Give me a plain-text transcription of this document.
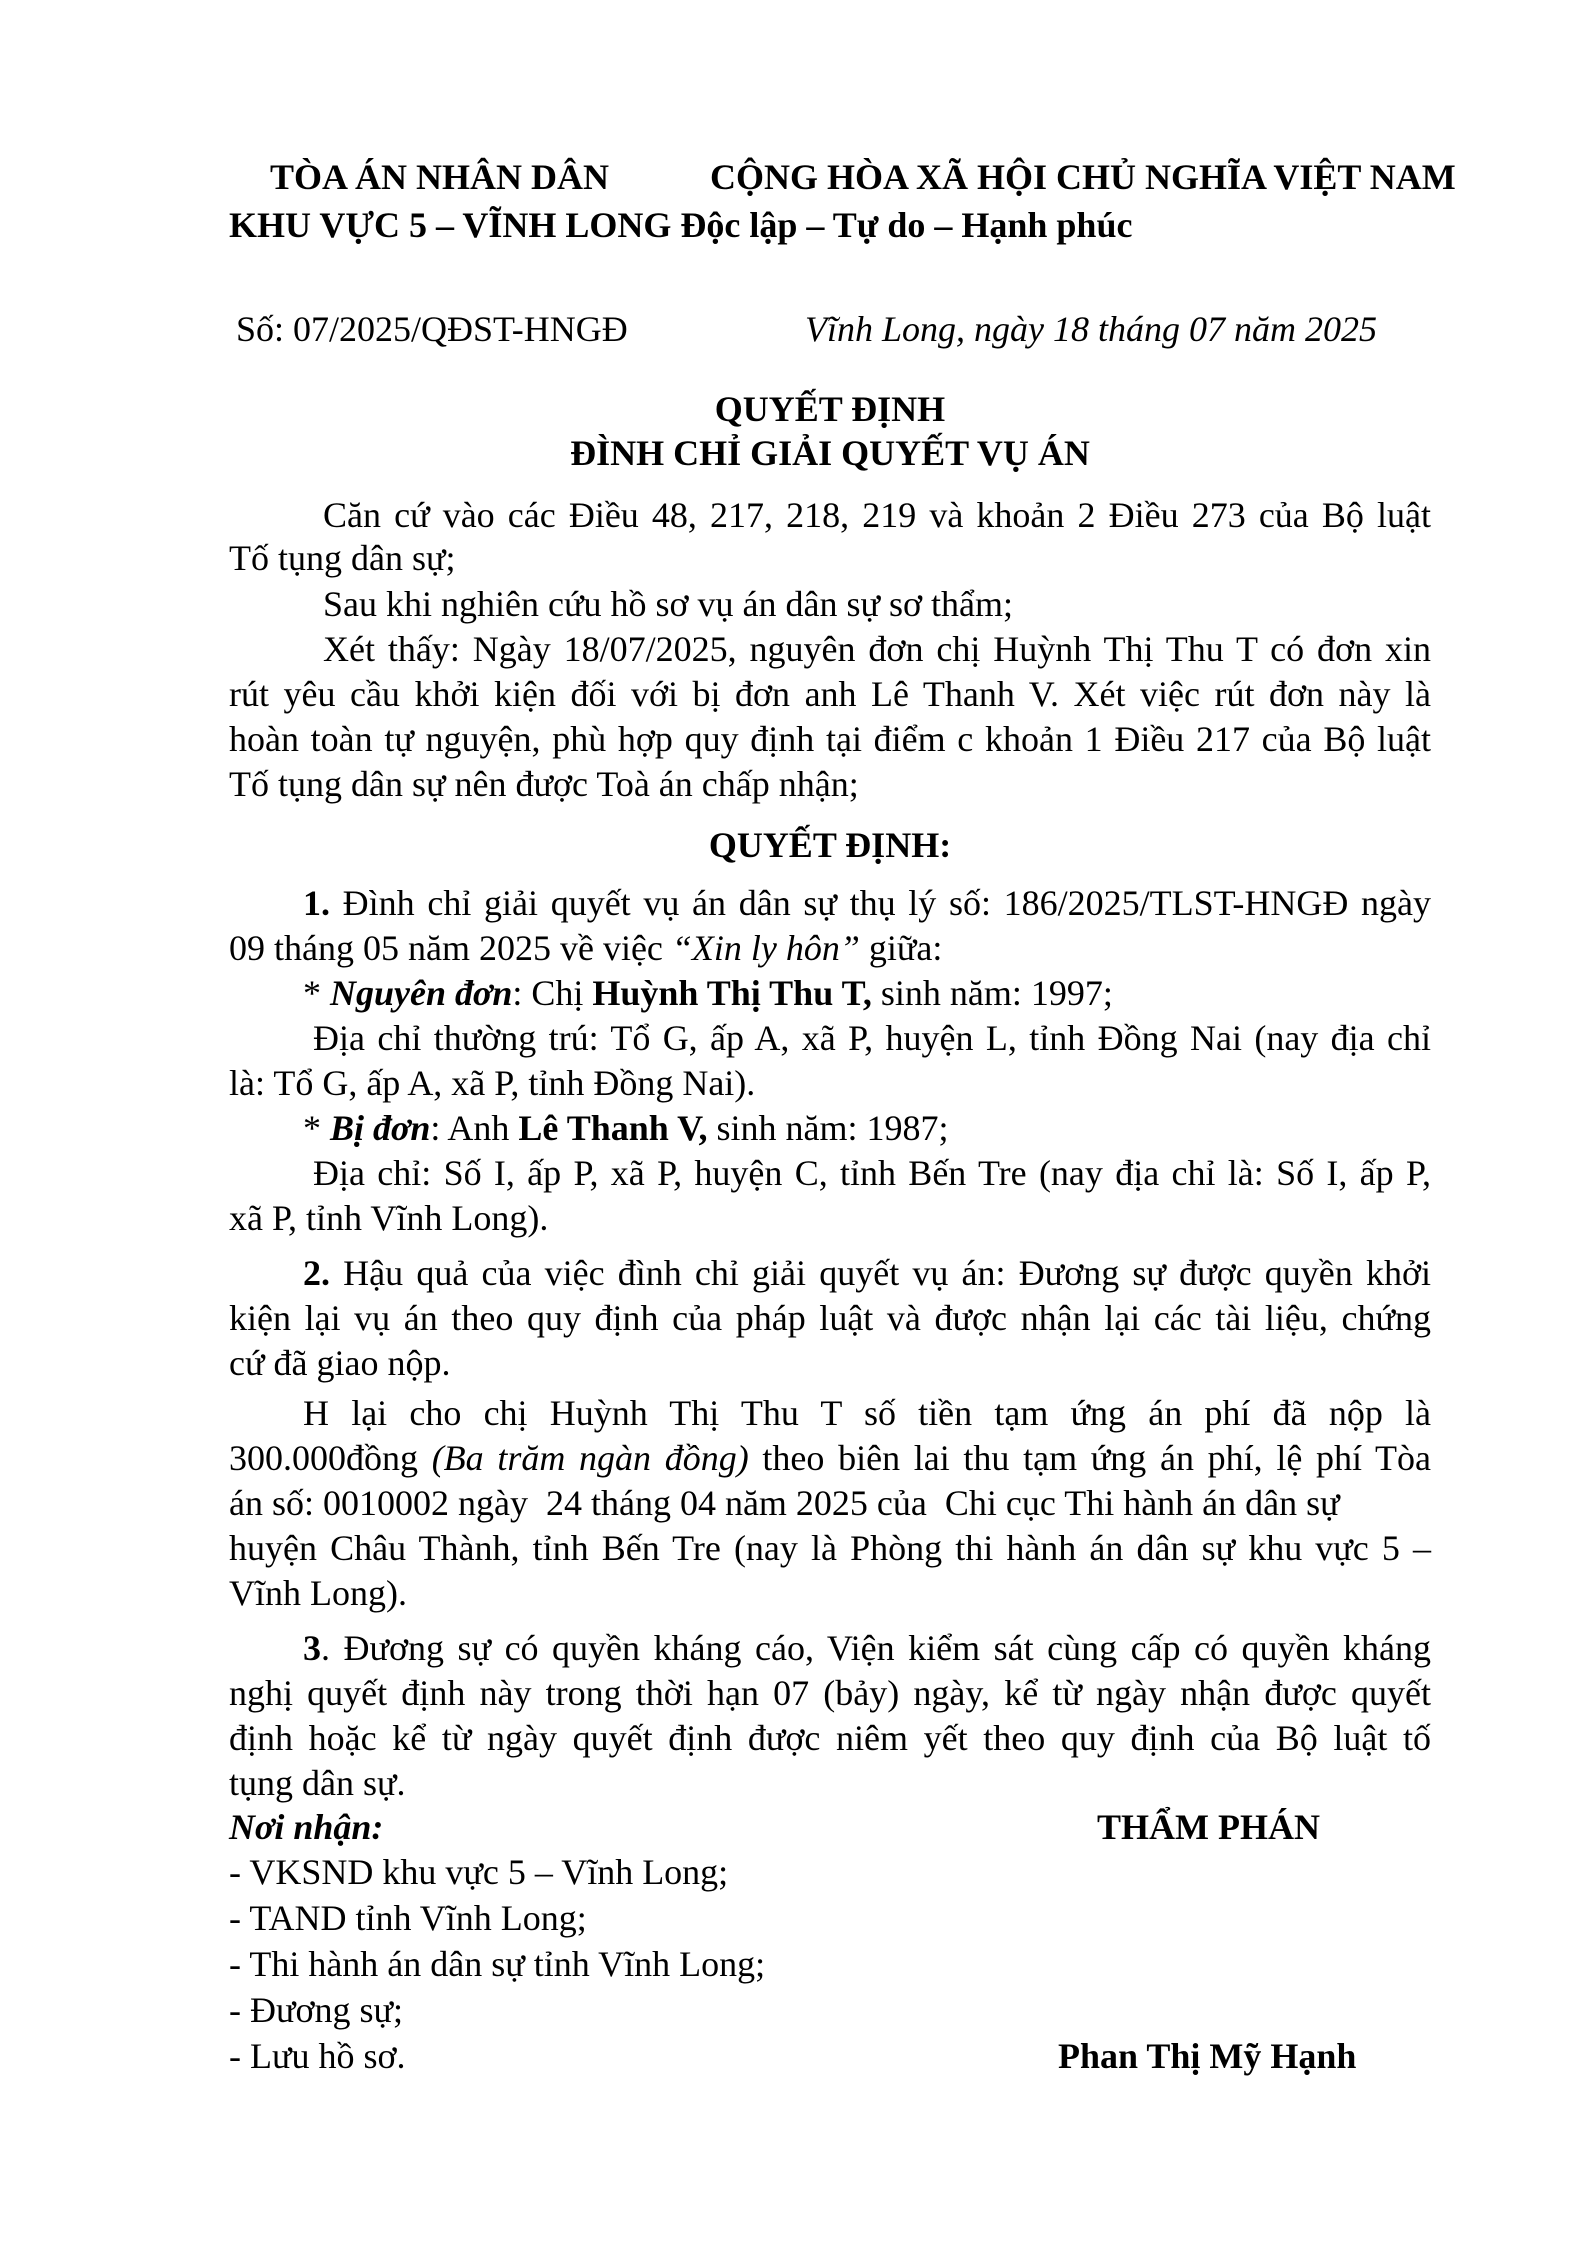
TÒA ÁN NHÂN DÂN	CỘNG HÒA XÃ HỘI CHỦ NGHĨA VIỆT NAM
KHU VỰC 5 – VĨNH LONG Độc lập – Tự do – Hạnh phúc
Số: 07/2025/QĐST-HNGĐ	Vĩnh Long, ngày 18 tháng 07 năm 2025
QUYẾT ĐỊNH
ĐÌNH CHỈ GIẢI QUYẾT VỤ ÁN
Căn cứ vào các Điều 48, 217, 218, 219 và khoản 2 Điều 273 của Bộ luật
Tố tụng dân sự;
Sau khi nghiên cứu hồ sơ vụ án dân sự sơ thẩm;
Xét thấy: Ngày 18/07/2025, nguyên đơn chị Huỳnh Thị Thu T có đơn xin
rút yêu cầu khởi kiện đối với bị đơn anh Lê Thanh V. Xét việc rút đơn này là
hoàn toàn tự nguyện, phù hợp quy định tại điểm c khoản 1 Điều 217 của Bộ luật
Tố tụng dân sự nên được Toà án chấp nhận;
QUYẾT ĐỊNH:
1. Đình chỉ giải quyết vụ án dân sự thụ lý số: 186/2025/TLST-HNGĐ ngày
09 tháng 05 năm 2025 về việc “Xin ly hôn” giữa:
* Nguyên đơn: Chị Huỳnh Thị Thu T, sinh năm: 1997;
Địa chỉ thường trú: Tổ G, ấp A, xã P, huyện L, tỉnh Đồng Nai (nay địa chỉ
là: Tổ G, ấp A, xã P, tỉnh Đồng Nai).
* Bị đơn: Anh Lê Thanh V, sinh năm: 1987;
Địa chỉ: Số I, ấp P, xã P, huyện C, tỉnh Bến Tre (nay địa chỉ là: Số I, ấp P,
xã P, tỉnh Vĩnh Long).
2. Hậu quả của việc đình chỉ giải quyết vụ án: Đương sự được quyền khởi
kiện lại vụ án theo quy định của pháp luật và được nhận lại các tài liệu, chứng
cứ đã giao nộp.
H lại cho chị Huỳnh Thị Thu T số tiền tạm ứng án phí đã nộp là
300.000đồng (Ba trăm ngàn đồng) theo biên lai thu tạm ứng án phí, lệ phí Tòa
án số: 0010002 ngày  24 tháng 04 năm 2025 của  Chi cục Thi hành án dân sự
huyện Châu Thành, tỉnh Bến Tre (nay là Phòng thi hành án dân sự khu vực 5 –
Vĩnh Long).
3. Đương sự có quyền kháng cáo, Viện kiểm sát cùng cấp có quyền kháng
nghị quyết định này trong thời hạn 07 (bảy) ngày, kể từ ngày nhận được quyết
định hoặc kể từ ngày quyết định được niêm yết theo quy định của Bộ luật tố
tụng dân sự.
Nơi nhận:	THẨM PHÁN
- VKSND khu vực 5 – Vĩnh Long;
- TAND tỉnh Vĩnh Long;
- Thi hành án dân sự tỉnh Vĩnh Long;
- Đương sự;
- Lưu hồ sơ.	Phan Thị Mỹ Hạnh
